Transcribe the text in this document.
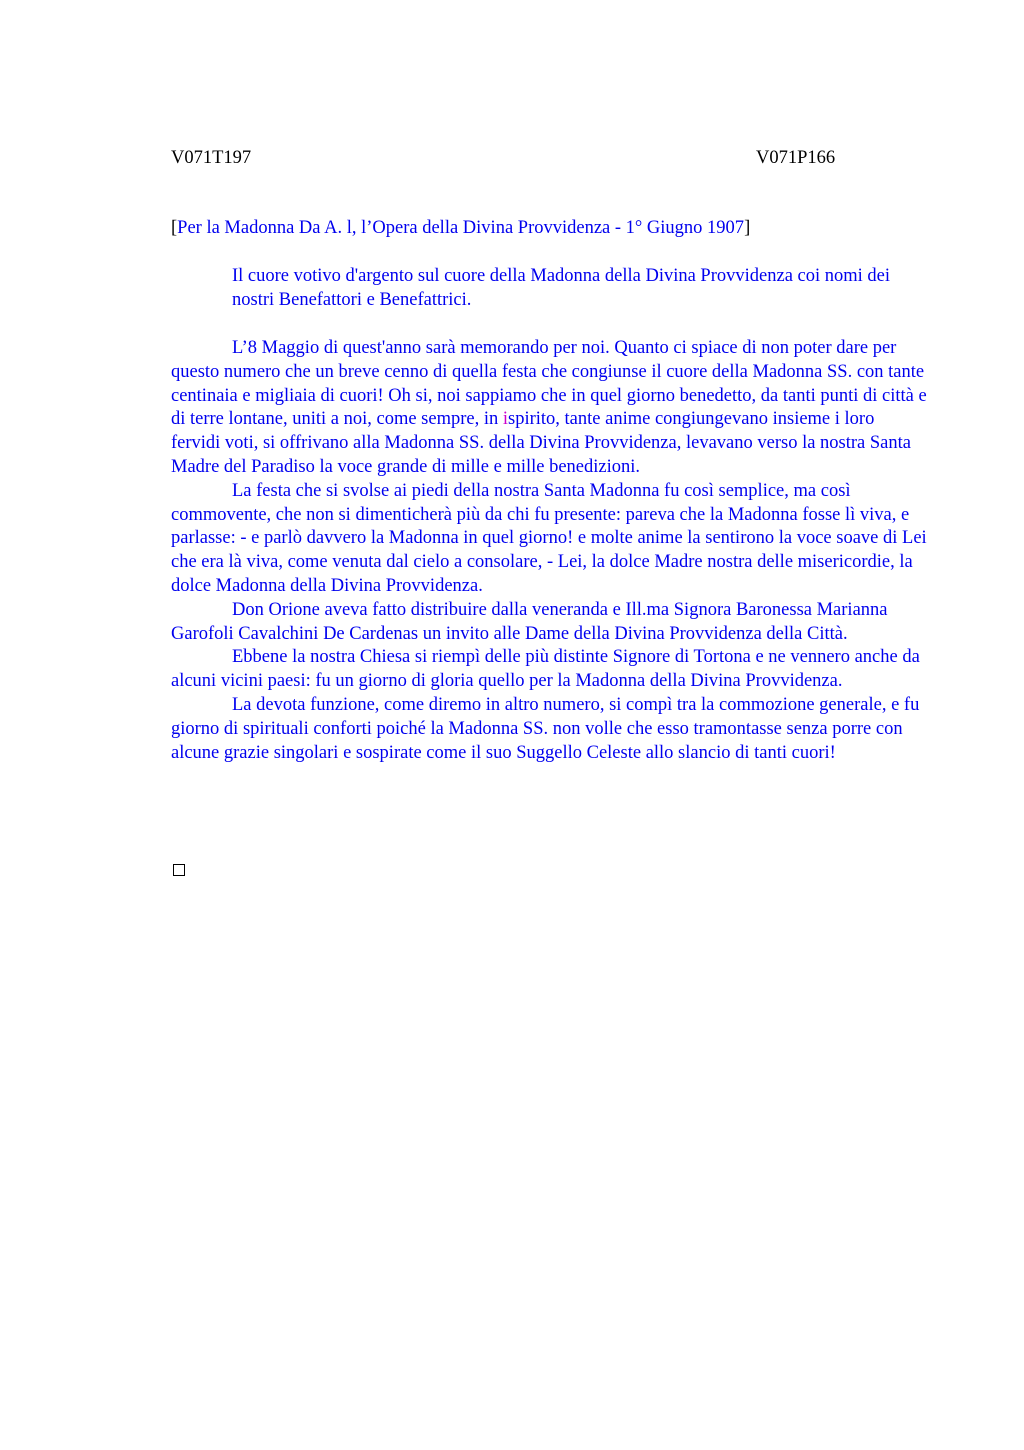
V071T197	V071P166
[Per la Madonna Da A. l, l’Opera della Divina Provvidenza - 1° Giugno 1907]
Il cuore votivo d'argento sul cuore della Madonna della Divina Provvidenza coi nomi dei nostri Benefattori e Benefattrici.

L’8 Maggio di quest'anno sarà memorando per noi. Quanto ci spiace di non poter dare per questo numero che un breve cenno di quella festa che congiunse il cuore della Madonna SS. con tante centinaia e migliaia di cuori! Oh si, noi sappiamo che in quel giorno benedetto, da tanti punti di città e di terre lontane, uniti a noi, come sempre, in ispirito, tante anime congiungevano insieme i loro fervidi voti, si offrivano alla Madonna SS. della Divina Provvidenza, levavano verso la nostra Santa Madre del Paradiso la voce grande di mille e mille benedizioni.

La festa che si svolse ai piedi della nostra Santa Madonna fu così semplice, ma così commovente, che non si dimenticherà più da chi fu presente: pareva che la Madonna fosse lì viva, e parlasse: - e parlò davvero la Madonna in quel giorno! e molte anime la sentirono la voce soave di Lei che era là viva, come venuta dal cielo a consolare, - Lei, la dolce Madre nostra delle misericordie, la dolce Madonna della Divina Provvidenza.

Don Orione aveva fatto distribuire dalla veneranda e Ill.ma Signora Baronessa Marianna Garofoli Cavalchini De Cardenas un invito alle Dame della Divina Provvidenza della Città.

Ebbene la nostra Chiesa si riempì delle più distinte Signore di Tortona e ne vennero anche da alcuni vicini paesi: fu un giorno di gloria quello per la Madonna della Divina Provvidenza.

La devota funzione, come diremo in altro numero, si compì tra la commozione generale, e fu giorno di spirituali conforti poiché la Madonna SS. non volle che esso tramontasse senza porre con alcune grazie singolari e sospirate come il suo Suggello Celeste allo slancio di tanti cuori!
